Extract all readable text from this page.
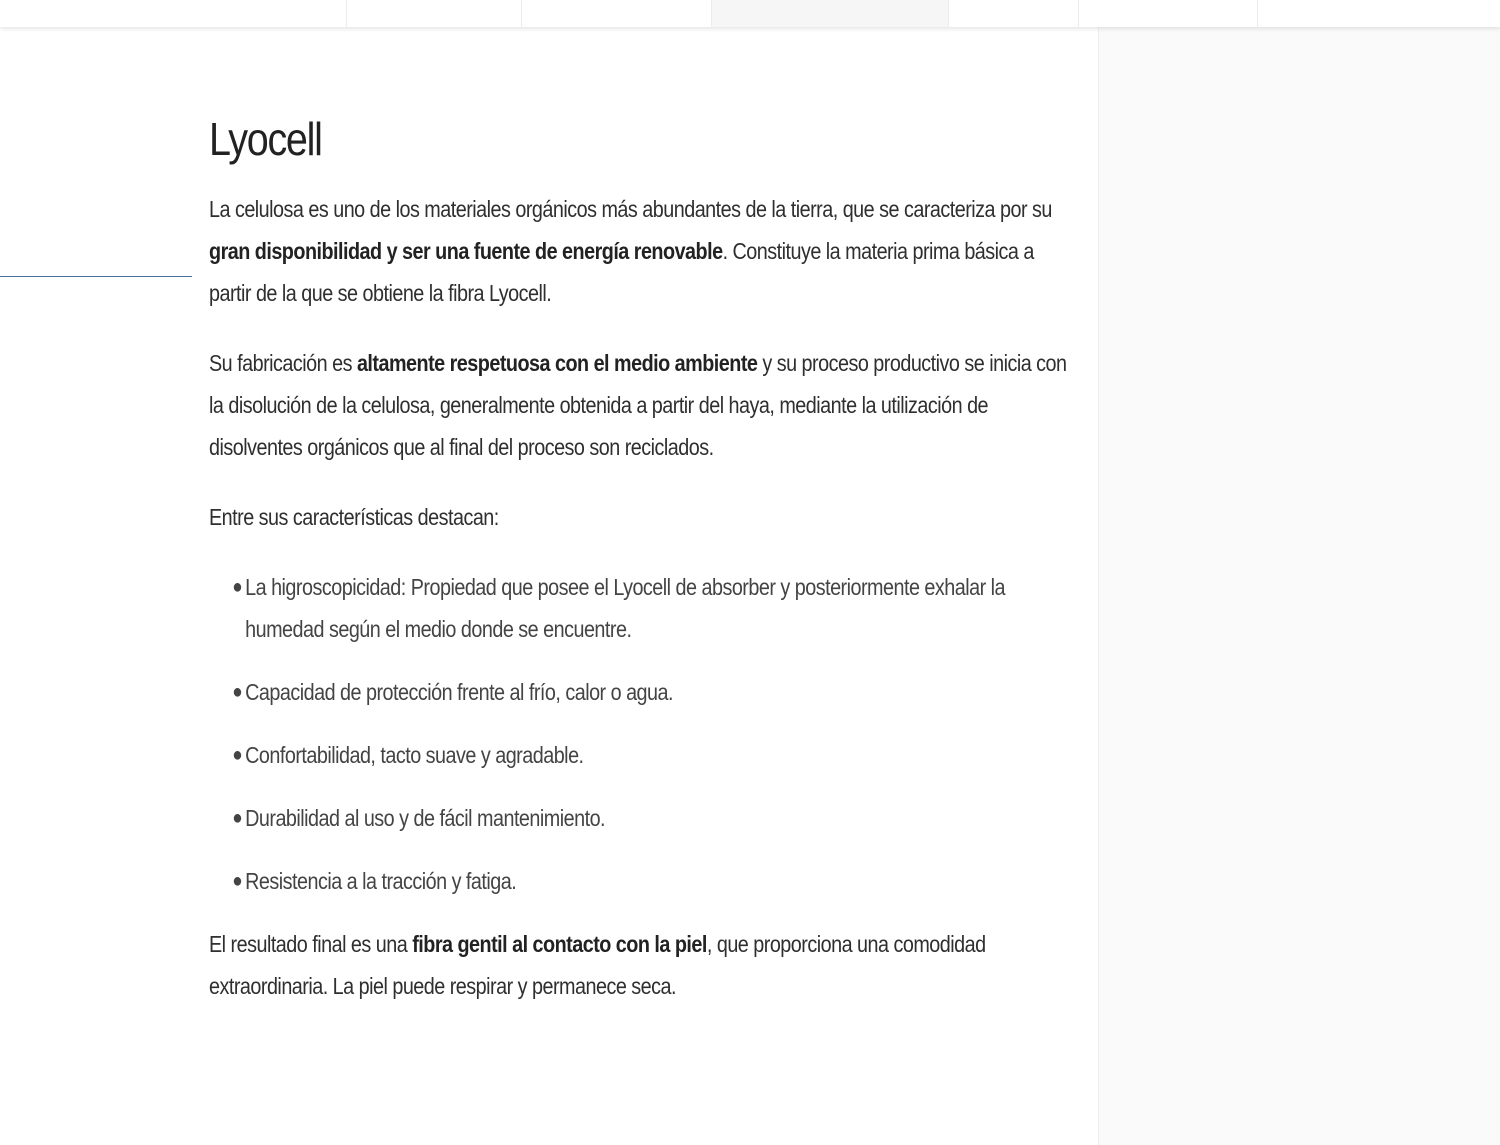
Lyocell

La celulosa es uno de los materiales orgánicos más abundantes de la tierra, que se caracteriza por su gran disponibilidad y ser una fuente de energía renovable. Constituye la materia prima básica a partir de la que se obtiene la fibra Lyocell.

Su fabricación es altamente respetuosa con el medio ambiente y su proceso productivo se inicia con la disolución de la celulosa, generalmente obtenida a partir del haya, mediante la utilización de disolventes orgánicos que al final del proceso son reciclados.

Entre sus características destacan:

● La higroscopicidad: Propiedad que posee el Lyocell de absorber y posteriormente exhalar la humedad según el medio donde se encuentre.
● Capacidad de protección frente al frío, calor o agua.
● Confortabilidad, tacto suave y agradable.
● Durabilidad al uso y de fácil mantenimiento.
● Resistencia a la tracción y fatiga.

El resultado final es una fibra gentil al contacto con la piel, que proporciona una comodidad extraordinaria. La piel puede respirar y permanece seca.
